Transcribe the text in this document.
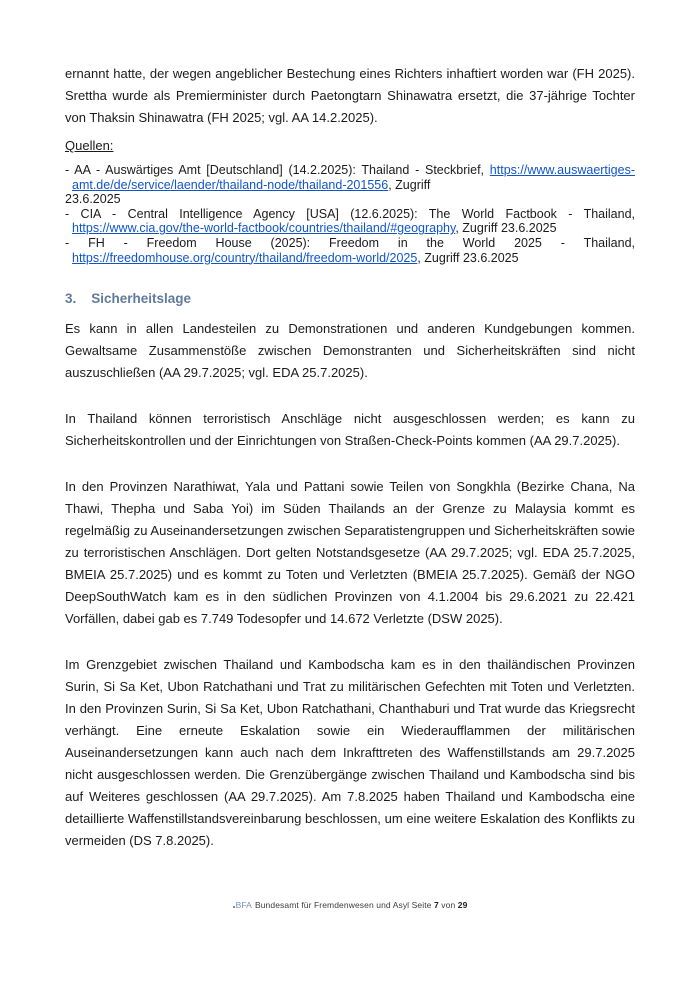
ernannt hatte, der wegen angeblicher Bestechung eines Richters inhaftiert worden war (FH 2025). Srettha wurde als Premierminister durch Paetongtarn Shinawatra ersetzt, die 37-jährige Tochter von Thaksin Shinawatra (FH 2025; vgl. AA 14.2.2025).

Quellen:

- AA - Auswärtiges Amt [Deutschland] (14.2.2025): Thailand - Steckbrief, https://www.auswaertiges-amt.de/de/service/laender/thailand-node/thailand-201556, Zugriff
23.6.2025
- CIA - Central Intelligence Agency [USA] (12.6.2025): The World Factbook - Thailand, https://www.cia.gov/the-world-factbook/countries/thailand/#geography, Zugriff 23.6.2025
- FH - Freedom House (2025): Freedom in the World 2025 - Thailand, https://freedomhouse.org/country/thailand/freedom-world/2025, Zugriff 23.6.2025
3. Sicherheitslage

Es kann in allen Landesteilen zu Demonstrationen und anderen Kundgebungen kommen. Gewaltsame Zusammenstöße zwischen Demonstranten und Sicherheitskräften sind nicht auszuschließen (AA 29.7.2025; vgl. EDA 25.7.2025).

In Thailand können terroristisch Anschläge nicht ausgeschlossen werden; es kann zu Sicherheitskontrollen und der Einrichtungen von Straßen-Check-Points kommen (AA 29.7.2025).

In den Provinzen Narathiwat, Yala und Pattani sowie Teilen von Songkhla (Bezirke Chana, Na Thawi, Thepha und Saba Yoi) im Süden Thailands an der Grenze zu Malaysia kommt es regelmäßig zu Auseinandersetzungen zwischen Separatistengruppen und Sicherheitskräften sowie zu terroristischen Anschlägen. Dort gelten Notstandsgesetze (AA 29.7.2025; vgl. EDA 25.7.2025, BMEIA 25.7.2025) und es kommt zu Toten und Verletzten (BMEIA 25.7.2025). Gemäß der NGO DeepSouthWatch kam es in den südlichen Provinzen von 4.1.2004 bis 29.6.2021 zu 22.421 Vorfällen, dabei gab es 7.749 Todesopfer und 14.672 Verletzte (DSW 2025).

Im Grenzgebiet zwischen Thailand und Kambodscha kam es in den thailändischen Provinzen Surin, Si Sa Ket, Ubon Ratchathani und Trat zu militärischen Gefechten mit Toten und Verletzten. In den Provinzen Surin, Si Sa Ket, Ubon Ratchathani, Chanthaburi und Trat wurde das Kriegsrecht verhängt. Eine erneute Eskalation sowie ein Wiederaufflammen der militärischen Auseinandersetzungen kann auch nach dem Inkrafttreten des Waffenstillstands am 29.7.2025 nicht ausgeschlossen werden. Die Grenzübergänge zwischen Thailand und Kambodscha sind bis auf Weiteres geschlossen (AA 29.7.2025). Am 7.8.2025 haben Thailand und Kambodscha eine detaillierte Waffenstillstandsvereinbarung beschlossen, um eine weitere Eskalation des Konflikts zu vermeiden (DS 7.8.2025).

BFA Bundesamt für Fremdenwesen und Asyl Seite 7 von 29
